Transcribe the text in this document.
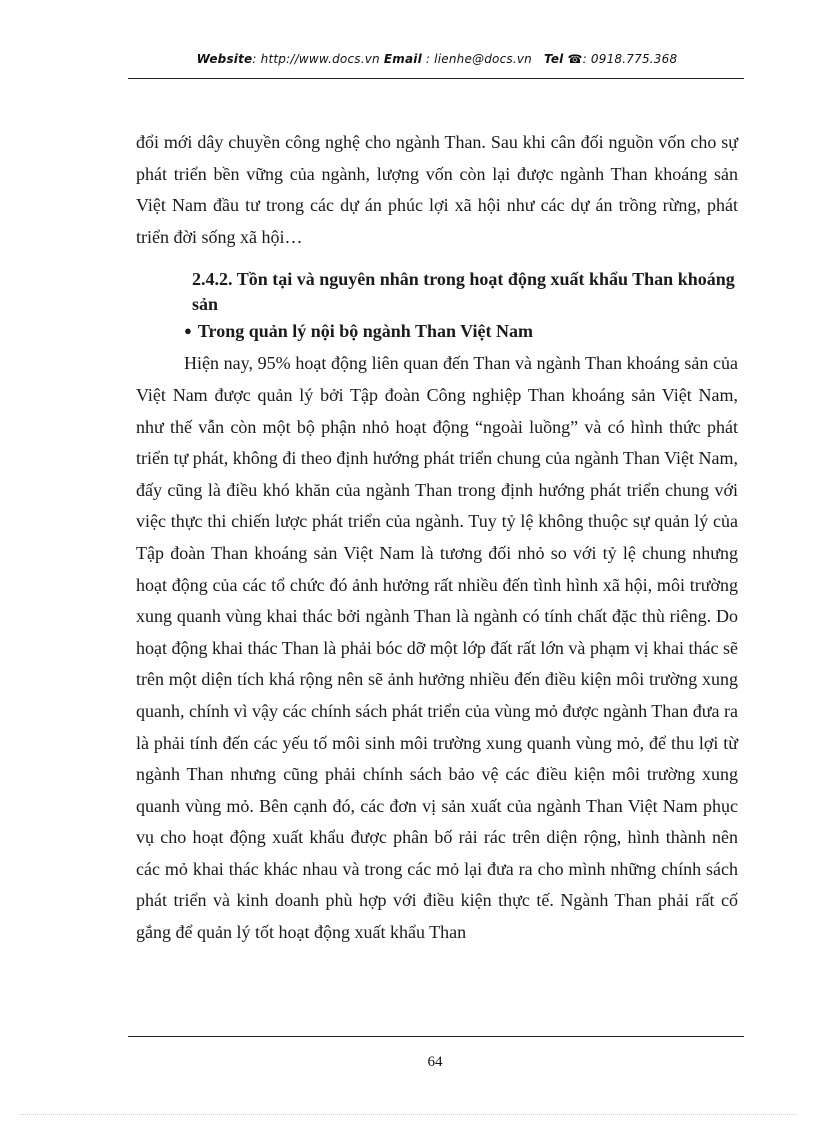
Website: http://www.docs.vn Email : lienhe@docs.vn Tel ☎: 0918.775.368

đổi mới dây chuyền công nghệ cho ngành Than. Sau khi cân đối nguồn vốn cho sự phát triển bền vững của ngành, lượng vốn còn lại được ngành Than khoáng sản Việt Nam đầu tư trong các dự án phúc lợi xã hội như các dự án trồng rừng, phát triển đời sống xã hội…

2.4.2. Tồn tại và nguyên nhân trong hoạt động xuất khẩu Than khoáng sản
● Trong quản lý nội bộ ngành Than Việt Nam

Hiện nay, 95% hoạt động liên quan đến Than và ngành Than khoáng sản của Việt Nam được quản lý bởi Tập đoàn Công nghiệp Than khoáng sản Việt Nam, như thế vẫn còn một bộ phận nhỏ hoạt động “ngoài luồng” và có hình thức phát triển tự phát, không đi theo định hướng phát triển chung của ngành Than Việt Nam, đấy cũng là điều khó khăn của ngành Than trong định hướng phát triển chung với việc thực thi chiến lược phát triển của ngành. Tuy tỷ lệ không thuộc sự quản lý của Tập đoàn Than khoáng sản Việt Nam là tương đối nhỏ so với tỷ lệ chung nhưng hoạt động của các tổ chức đó ảnh hưởng rất nhiều đến tình hình xã hội, môi trường xung quanh vùng khai thác bởi ngành Than là ngành có tính chất đặc thù riêng. Do hoạt động khai thác Than là phải bóc dỡ một lớp đất rất lớn và phạm vị khai thác sẽ trên một diện tích khá rộng nên sẽ ảnh hưởng nhiều đến điều kiện môi trường xung quanh, chính vì vậy các chính sách phát triển của vùng mỏ được ngành Than đưa ra là phải tính đến các yếu tố môi sinh môi trường xung quanh vùng mỏ, để thu lợi từ ngành Than nhưng cũng phải chính sách bảo vệ các điều kiện môi trường xung quanh vùng mỏ. Bên cạnh đó, các đơn vị sản xuất của ngành Than Việt Nam phục vụ cho hoạt động xuất khẩu được phân bố rải rác trên diện rộng, hình thành nên các mỏ khai thác khác nhau và trong các mỏ lại đưa ra cho mình những chính sách phát triển và kinh doanh phù hợp với điều kiện thực tế. Ngành Than phải rất cố gắng để quản lý tốt hoạt động xuất khẩu Than

64
